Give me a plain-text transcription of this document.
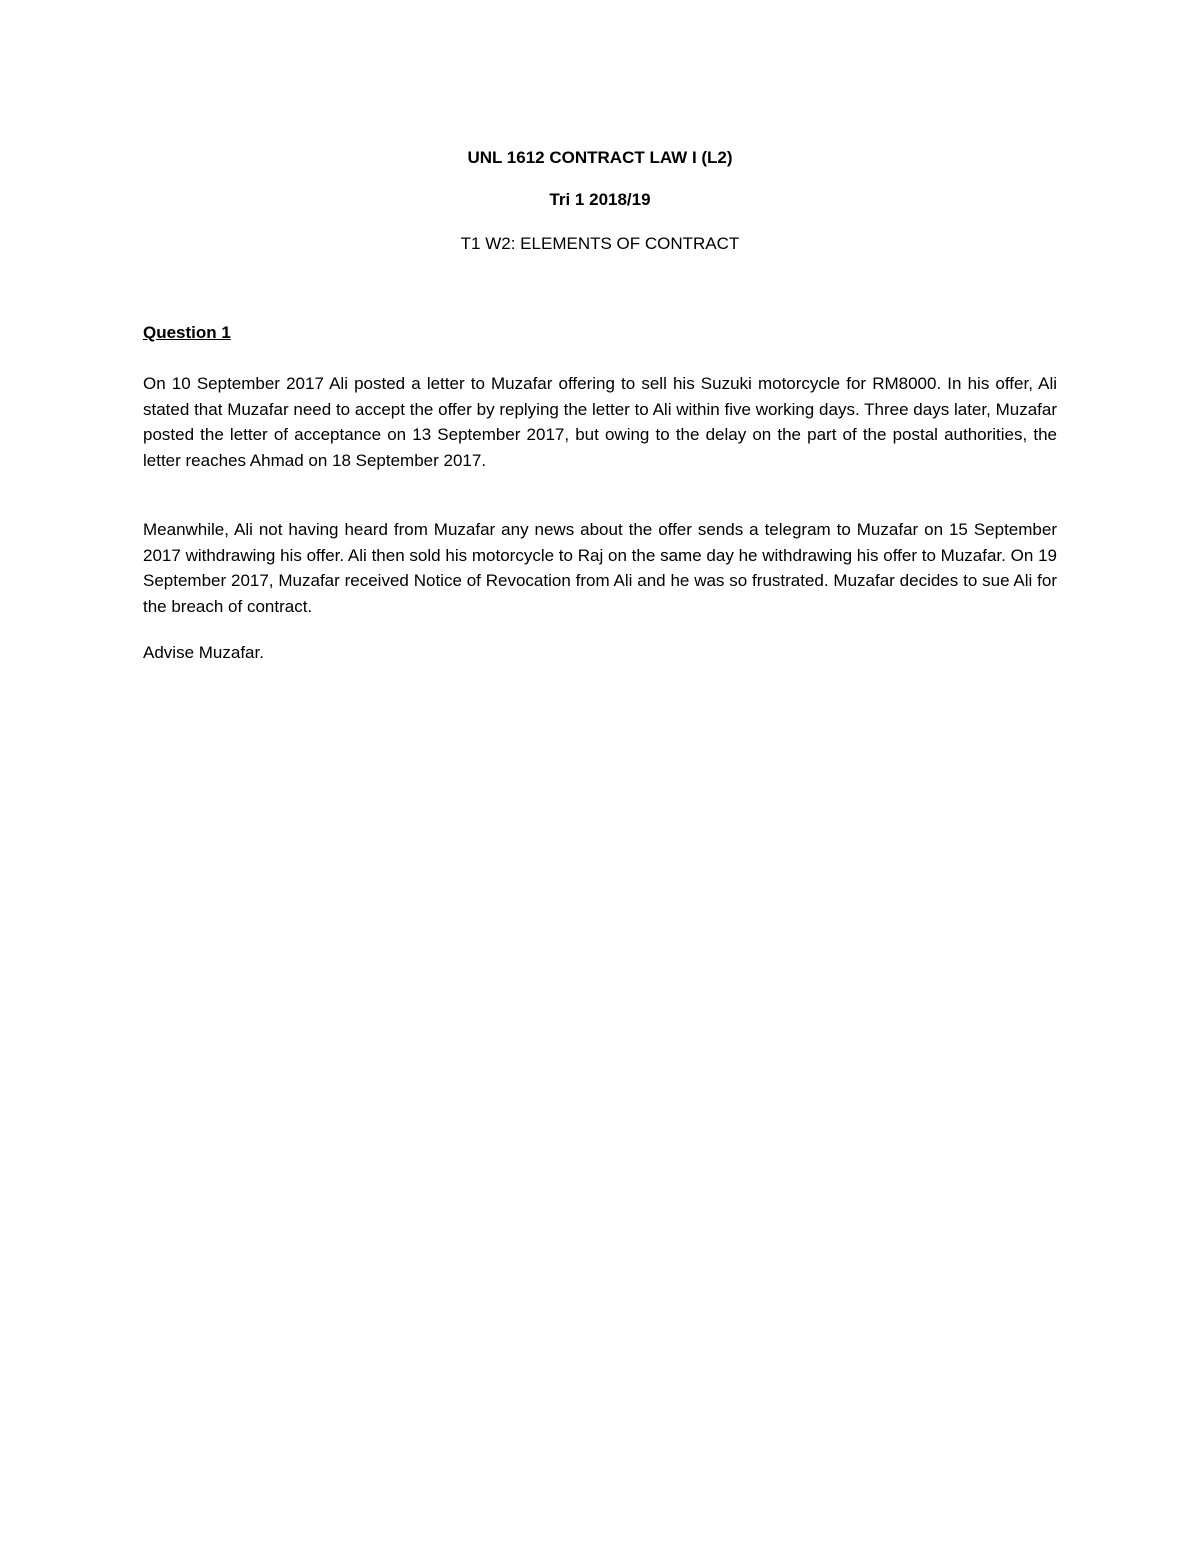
UNL 1612 CONTRACT LAW I (L2)

Tri 1 2018/19

T1 W2: ELEMENTS OF CONTRACT

Question 1

On 10 September 2017 Ali posted a letter to Muzafar offering to sell his Suzuki motorcycle for RM8000. In his offer, Ali stated that Muzafar need to accept the offer by replying the letter to Ali within five working days. Three days later, Muzafar posted the letter of acceptance on 13 September 2017, but owing to the delay on the part of the postal authorities, the letter reaches Ahmad on 18 September 2017.

Meanwhile, Ali not having heard from Muzafar any news about the offer sends a telegram to Muzafar on 15 September 2017 withdrawing his offer. Ali then sold his motorcycle to Raj on the same day he withdrawing his offer to Muzafar. On 19 September 2017, Muzafar received Notice of Revocation from Ali and he was so frustrated. Muzafar decides to sue Ali for the breach of contract.

Advise Muzafar.
